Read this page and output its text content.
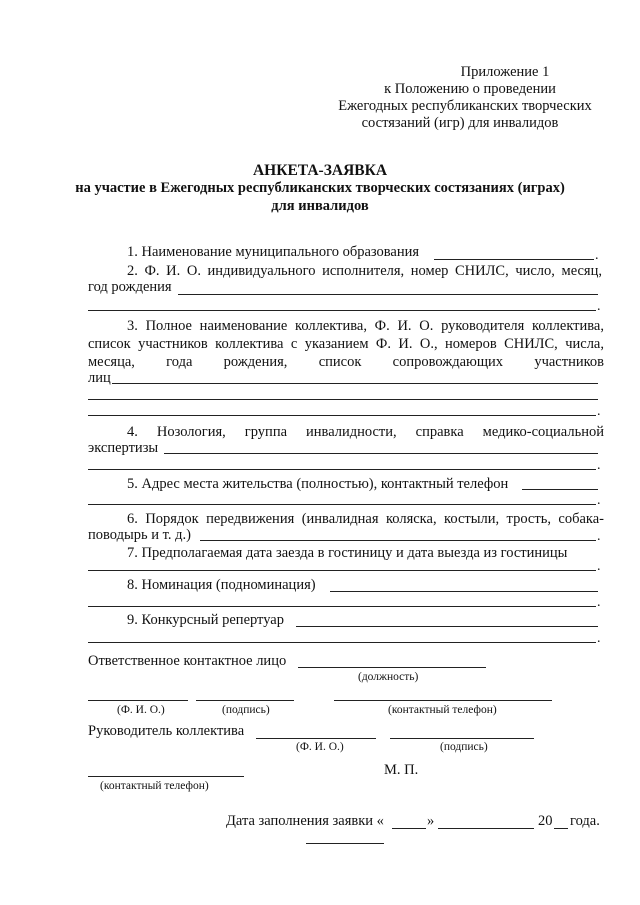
Приложение 1
к Положению о проведении
Ежегодных республиканских творческих
состязаний (игр) для инвалидов
АНКЕТА-ЗАЯВКА
на участие в Ежегодных республиканских творческих состязаниях (играх)
для инвалидов
1. Наименование муниципального образования	.
2. Ф. И. О. индивидуального исполнителя, номер СНИЛС, число, месяц,
год рождения
.
3. Полное наименование коллектива, Ф. И. О. руководителя коллектива,
список участников коллектива с указанием Ф. И. О., номеров СНИЛС, числа,
месяца, года рождения, список сопровождающих участников
лиц
.
4. Нозология, группа инвалидности, справка медико-социальной
экспертизы
.
5. Адрес места жительства (полностью), контактный телефон
.
6. Порядок передвижения (инвалидная коляска, костыли, трость, собака-
поводырь и т. д.)	.
7. Предполагаемая дата заезда в гостиницу и дата выезда из гостиницы
.
8. Номинация (подноминация)
.
9. Конкурсный репертуар
.
Ответственное контактное лицо
(должность)
(Ф. И. О.)	(подпись)	(контактный телефон)
Руководитель коллектива
(Ф. И. О.)	(подпись)
М. П.
(контактный телефон)
Дата заполнения заявки «	»	20 года.
